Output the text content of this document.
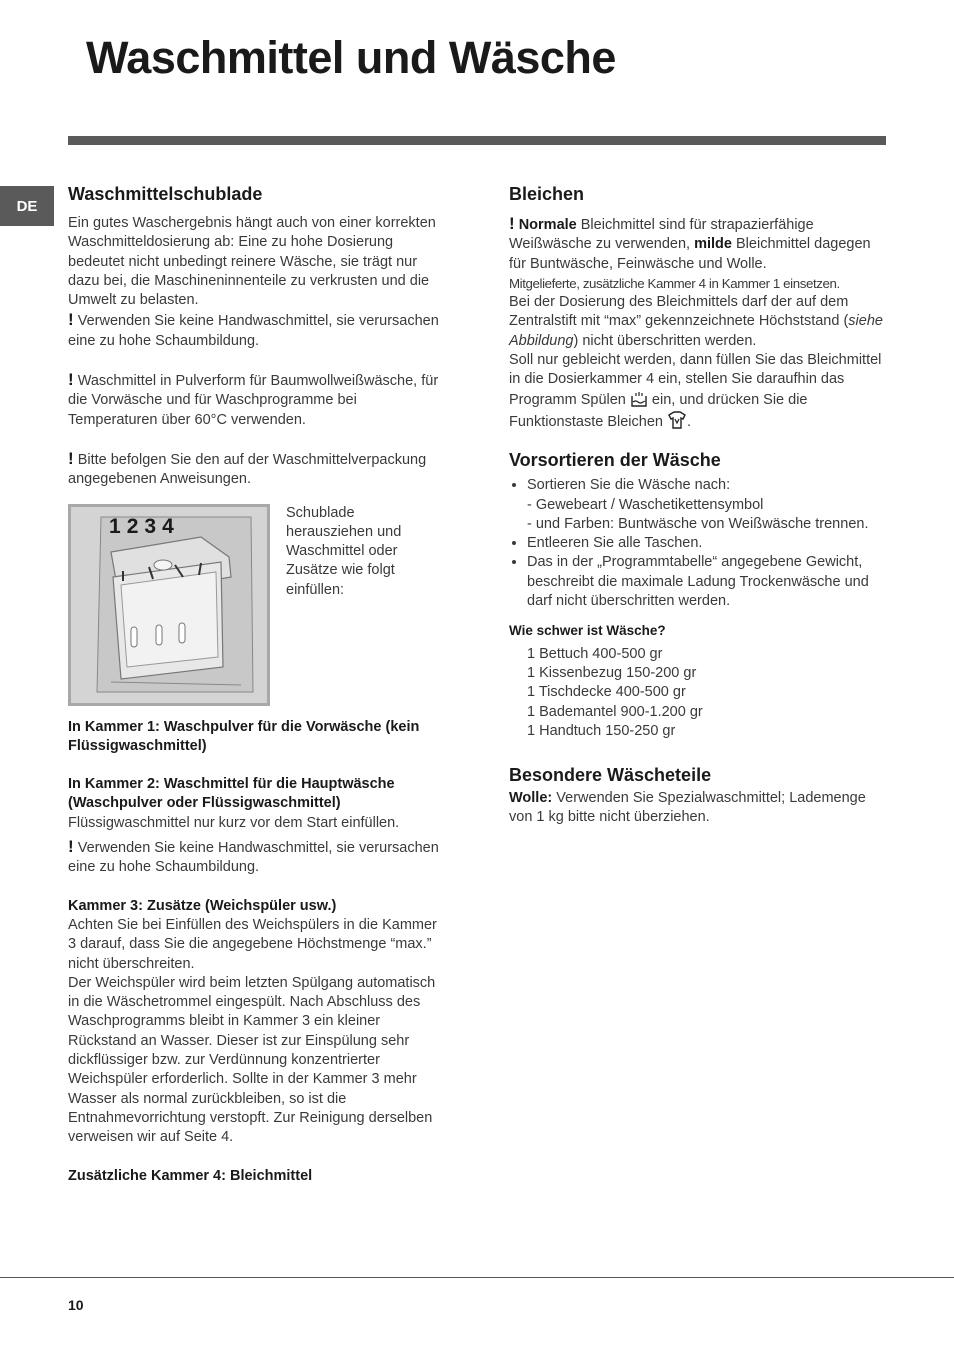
Waschmittel und Wäsche
DE
Waschmittelschublade

Ein gutes Waschergebnis hängt auch von einer korrekten Waschmitteldosierung ab: Eine zu hohe Dosierung bedeutet nicht unbedingt reinere Wäsche, sie trägt nur dazu bei, die Maschineninnenteile zu verkrusten und die Umwelt zu belasten.

! Verwenden Sie keine Handwaschmittel, sie verursachen eine zu hohe Schaumbildung.

! Waschmittel in Pulverform für Baumwollweißwäsche, für die Vorwäsche und für Waschprogramme bei Temperaturen über 60°C verwenden.

! Bitte befolgen Sie den auf der Waschmittelverpackung angegebenen Anweisungen.

1234

Schublade herausziehen und Waschmittel oder Zusätze wie folgt einfüllen:

In Kammer 1: Waschpulver für die Vorwäsche (kein Flüssigwaschmittel)

In Kammer 2: Waschmittel für die Hauptwäsche (Waschpulver oder Flüssigwaschmittel)

Flüssigwaschmittel nur kurz vor dem Start einfüllen.

! Verwenden Sie keine Handwaschmittel, sie verursachen eine zu hohe Schaumbildung.

Kammer 3: Zusätze (Weichspüler usw.)

Achten Sie bei Einfüllen des Weichspülers in die Kammer 3 darauf, dass Sie die angegebene Höchstmenge “max.” nicht überschreiten.

Der Weichspüler wird beim letzten Spülgang automatisch in die Wäschetrommel eingespült. Nach Abschluss des Waschprogramms bleibt in Kammer 3 ein kleiner Rückstand an Wasser. Dieser ist zur Einspülung sehr dickflüssiger bzw. zur Verdünnung konzentrierter Weichspüler erforderlich. Sollte in der Kammer 3 mehr Wasser als normal zurückbleiben, so ist die Entnahmevorrichtung verstopft. Zur Reinigung derselben verweisen wir auf Seite 4.

Zusätzliche Kammer 4: Bleichmittel

Bleichen

! Normale Bleichmittel sind für strapazierfähige Weißwäsche zu verwenden, milde Bleichmittel dagegen für Buntwäsche, Feinwäsche und Wolle.

Mitgelieferte, zusätzliche Kammer 4 in Kammer 1 einsetzen.

Bei der Dosierung des Bleichmittels darf der auf dem Zentralstift mit “max” gekennzeichnete Höchststand (siehe Abbildung) nicht überschritten werden.

Soll nur gebleicht werden, dann füllen Sie das Bleichmittel in die Dosierkammer 4 ein, stellen Sie daraufhin das Programm Spülen  ein, und drücken Sie die Funktionstaste Bleichen .

Vorsortieren der Wäsche
• Sortieren Sie die Wäsche nach:
- Gewebeart / Waschetikettensymbol
- und Farben: Buntwäsche von Weißwäsche trennen.
• Entleeren Sie alle Taschen.
• Das in der „Programmtabelle“ angegebene Gewicht, beschreibt die maximale Ladung Trockenwäsche und darf nicht überschritten werden.

Wie schwer ist Wäsche?

1 Bettuch 400-500 gr

1 Kissenbezug 150-200 gr

1 Tischdecke 400-500 gr

1 Bademantel 900-1.200 gr

1 Handtuch 150-250 gr

Besondere Wäscheteile

Wolle: Verwenden Sie Spezialwaschmittel; Lademenge von 1 kg bitte nicht überziehen.

10
